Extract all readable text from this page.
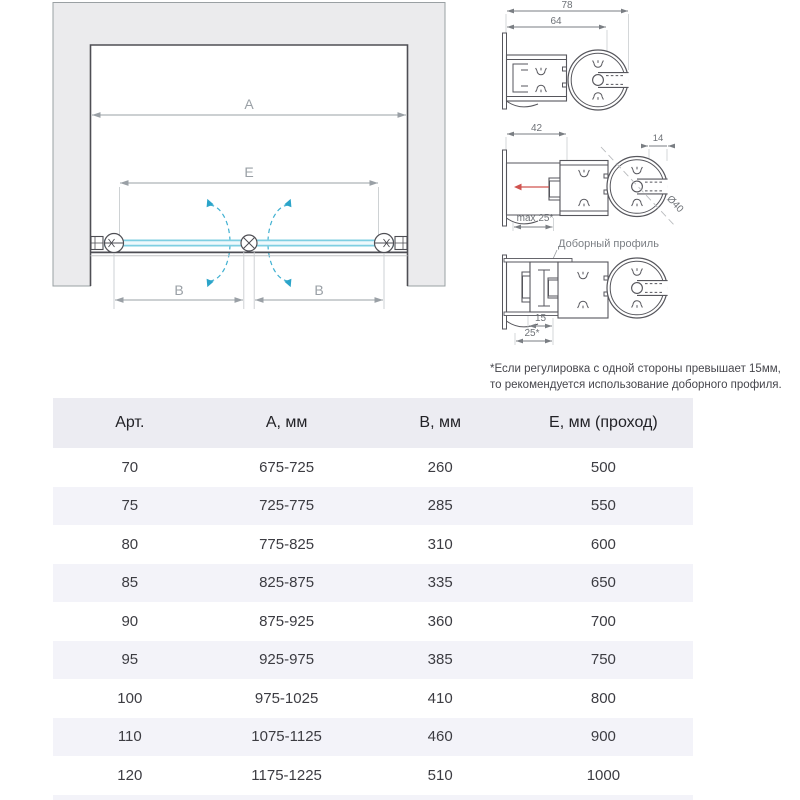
A
E
B	B
78
64
42
14
Ø40
max 25*
Доборный профиль
15
25*
*Если регулировка с одной стороны превышает 15мм,
то рекомендуется использование доборного профиля.
Арт.	А, мм	В, мм	Е, мм (проход)
70	675-725	260	500
75	725-775	285	550
80	775-825	310	600
85	825-875	335	650
90	875-925	360	700
95	925-975	385	750
100	975-1025	410	800
110	1075-1125	460	900
120	1175-1225	510	1000
